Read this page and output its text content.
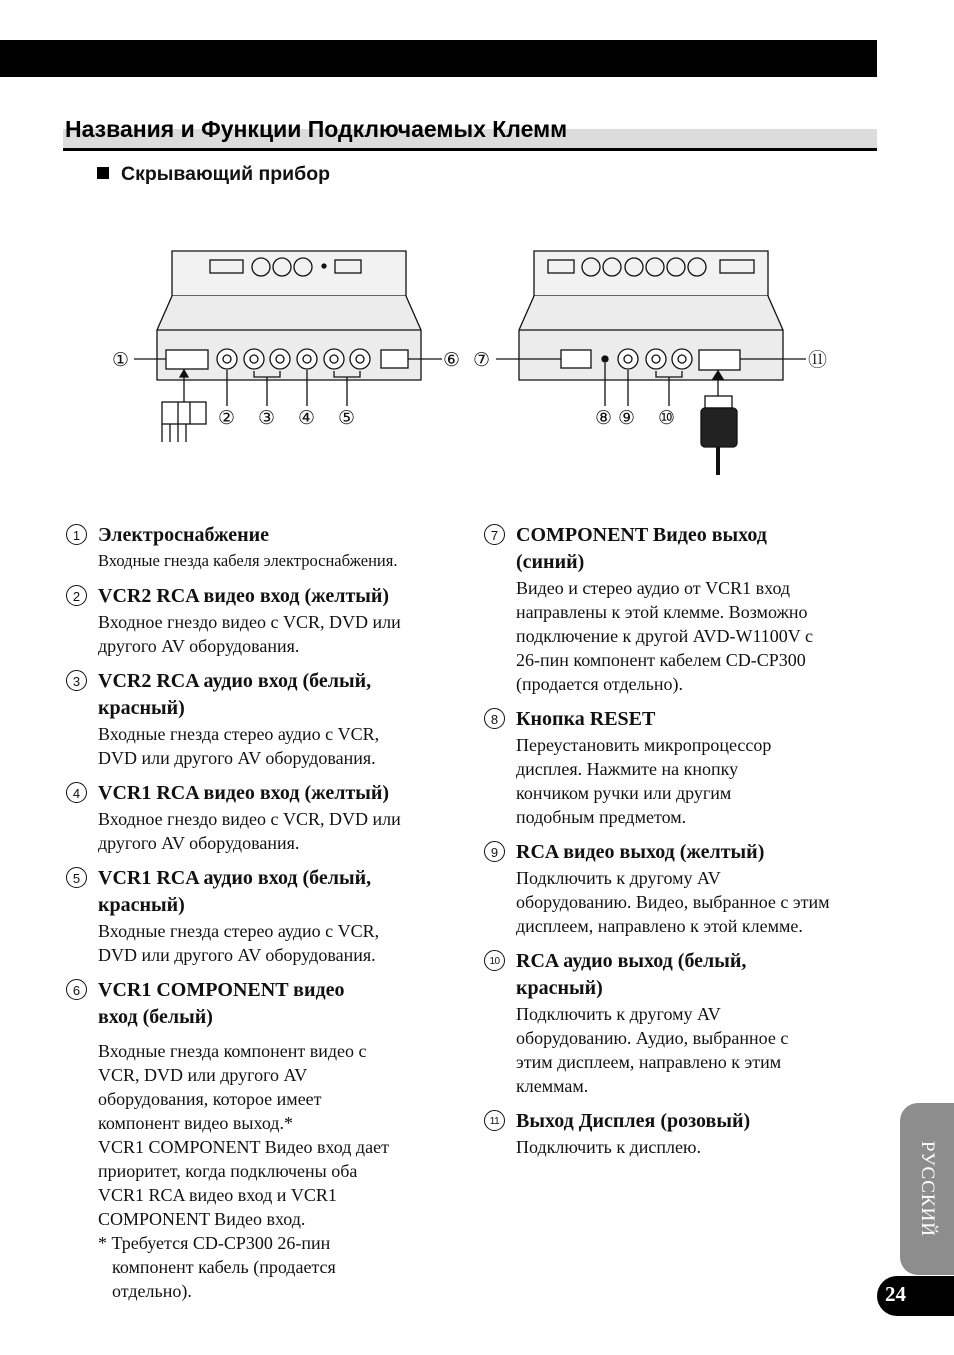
Названия и Функции Подключаемых Клемм
Скрывающий прибор
①
② ③ ④ ⑤
⑥ ⑦
⑧ ⑨ ⑩
⑪
1 Электроснабжение
Входные гнезда кабеля электроснабжения.
2 VCR2 RCA видео вход (желтый)
Входное гнездо видео с VCR, DVD или
другого AV оборудования.
3 VCR2 RCA аудио вход (белый,
красный)
Входные гнезда стерео аудио с VCR,
DVD или другого AV оборудования.
4 VCR1 RCA видео вход (желтый)
Входное гнездо видео с VCR, DVD или
другого AV оборудования.
5 VCR1 RCA аудио вход (белый,
красный)
Входные гнезда стерео аудио с VCR,
DVD или другого AV оборудования.
6 VCR1 COMPONENT видео
вход (белый)
Входные гнезда компонент видео с
VCR, DVD или другого AV
оборудования, которое имеет
компонент видео выход.*
VCR1 COMPONENT Видео вход дает
приоритет, когда подключены оба
VCR1 RCA видео вход и VCR1
COMPONENT Видео вход.
* Требуется CD-CP300 26-пин
компонент кабель (продается
отдельно).
7 COMPONENT Видео выход
(синий)
Видео и стерео аудио от VCR1 вход
направлены к этой клемме. Возможно
подключение к другой AVD-W1100V с
26-пин компонент кабелем CD-CP300
(продается отдельно).
8 Кнопка RESET
Переустановить микропроцессор
дисплея. Нажмите на кнопку
кончиком ручки или другим
подобным предметом.
9 RCA видео выход (желтый)
Подключить к другому AV
оборудованию. Видео, выбранное с этим
дисплеем, направлено к этой клемме.
10 RCA аудио выход (белый,
красный)
Подключить к другому AV
оборудованию. Аудио, выбранное с
этим дисплеем, направлено к этим
клеммам.
11 Выход Дисплея (розовый)
Подключить к дисплею.	РУССКИЙ
24
